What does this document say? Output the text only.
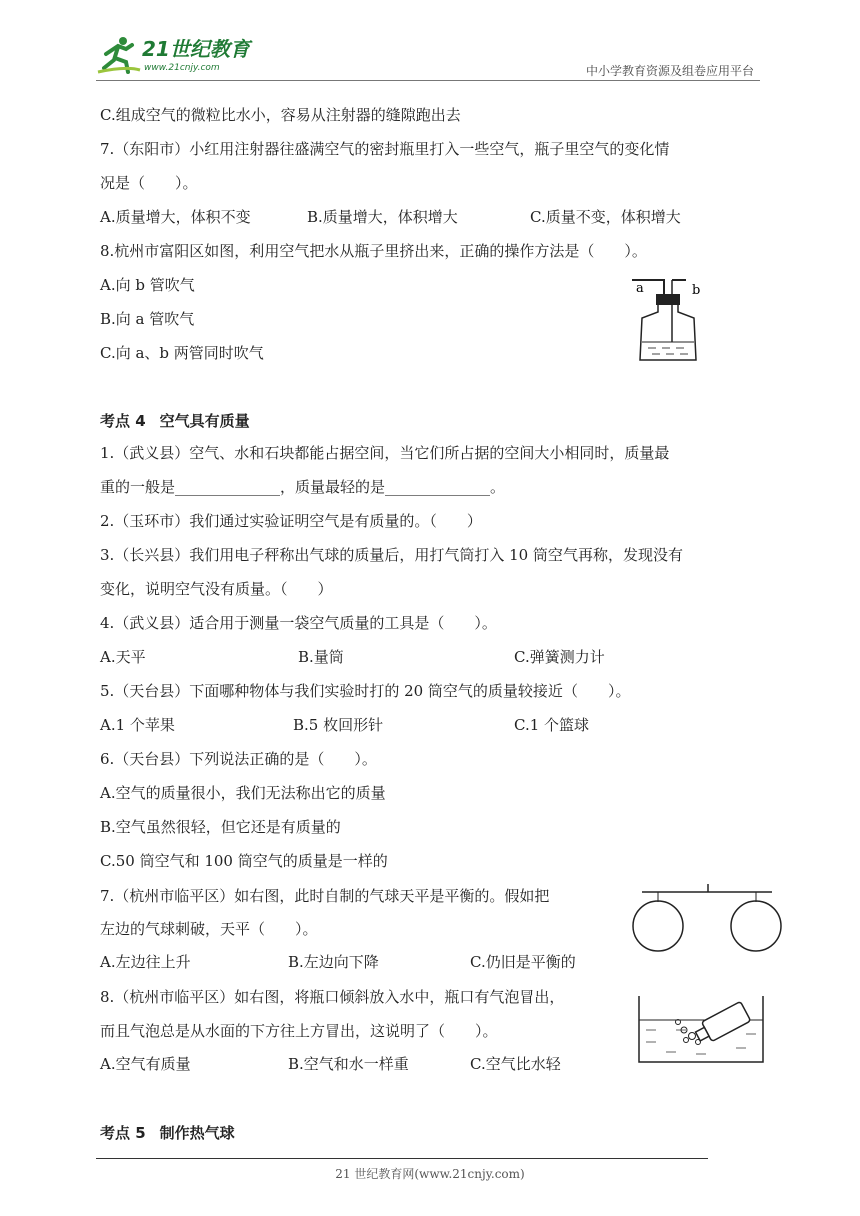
21世纪教育
www.21cnjy.com	中小学教育资源及组卷应用平台
C.组成空气的微粒比水小，容易从注射器的缝隙跑出去
7.（东阳市）小红用注射器往盛满空气的密封瓶里打入一些空气，瓶子里空气的变化情
况是（　　）。
A.质量增大，体积不变	B.质量增大，体积增大	C.质量不变，体积增大
8.杭州市富阳区如图，利用空气把水从瓶子里挤出来，正确的操作方法是（　　）。
A.向 b 管吹气
B.向 a 管吹气
C.向 a、b 两管同时吹气
a	b
考点 4 空气具有质量
1.（武义县）空气、水和石块都能占据空间，当它们所占据的空间大小相同时，质量最
重的一般是______________，质量最轻的是______________。
2.（玉环市）我们通过实验证明空气是有质量的。（　　）
3.（长兴县）我们用电子秤称出气球的质量后，用打气筒打入 10 筒空气再称，发现没有
变化，说明空气没有质量。（　　）
4.（武义县）适合用于测量一袋空气质量的工具是（　　）。
A.天平	B.量筒	C.弹簧测力计
5.（天台县）下面哪种物体与我们实验时打的 20 筒空气的质量较接近（　　）。
A.1 个苹果	B.5 枚回形针	C.1 个篮球
6.（天台县）下列说法正确的是（　　）。
A.空气的质量很小，我们无法称出它的质量
B.空气虽然很轻，但它还是有质量的
C.50 筒空气和 100 筒空气的质量是一样的
7.（杭州市临平区）如右图，此时自制的气球天平是平衡的。假如把
左边的气球刺破，天平（　　）。
A.左边往上升	B.左边向下降	C.仍旧是平衡的
8.（杭州市临平区）如右图，将瓶口倾斜放入水中，瓶口有气泡冒出，
而且气泡总是从水面的下方往上方冒出，这说明了（　　）。
A.空气有质量	B.空气和水一样重	C.空气比水轻
考点 5 制作热气球
21 世纪教育网(www.21cnjy.com)
